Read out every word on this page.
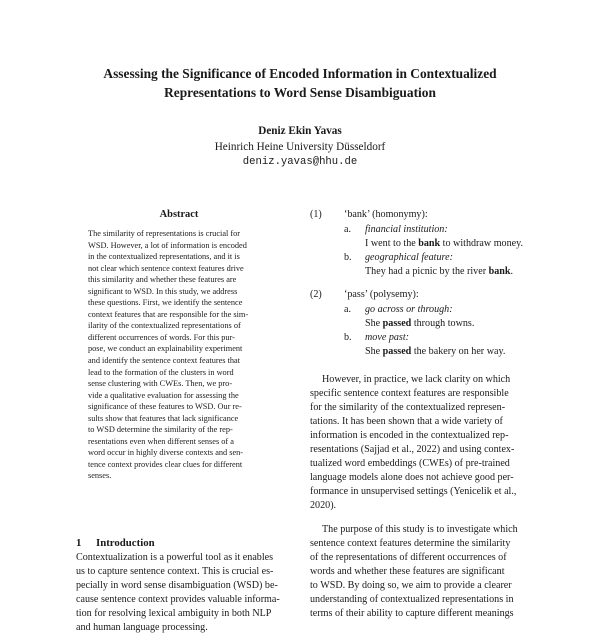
Assessing the Significance of Encoded Information in Contextualized
Representations to Word Sense Disambiguation
Deniz Ekin Yavas
Heinrich Heine University Düsseldorf
deniz.yavas@hhu.de
Abstract
The similarity of representations is crucial for
WSD. However, a lot of information is encoded
in the contextualized representations, and it is
not clear which sentence context features drive
this similarity and whether these features are
significant to WSD. In this study, we address
these questions. First, we identify the sentence
context features that are responsible for the sim-
ilarity of the contextualized representations of
different occurrences of words. For this pur-
pose, we conduct an explainability experiment
and identify the sentence context features that
lead to the formation of the clusters in word
sense clustering with CWEs. Then, we pro-
vide a qualitative evaluation for assessing the
significance of these features to WSD. Our re-
sults show that features that lack significance
to WSD determine the similarity of the rep-
resentations even when different senses of a
word occur in highly diverse contexts and sen-
tence context provides clear clues for different
senses.
1 Introduction
Contextualization is a powerful tool as it enables
us to capture sentence context. This is crucial es-
pecially in word sense disambiguation (WSD) be-
cause sentence context provides valuable informa-
tion for resolving lexical ambiguity in both NLP
and human language processing.
(1) ‘bank’ (homonymy):
a. financial institution:
I went to the bank to withdraw money.
b. geographical feature:
They had a picnic by the river bank.
(2) ‘pass’ (polysemy):
a. go across or through:
She passed through towns.
b. move past:
She passed the bakery on her way.
However, in practice, we lack clarity on which
specific sentence context features are responsible
for the similarity of the contextualized represen-
tations. It has been shown that a wide variety of
information is encoded in the contextualized rep-
resentations (Sajjad et al., 2022) and using contex-
tualized word embeddings (CWEs) of pre-trained
language models alone does not achieve good per-
formance in unsupervised settings (Yenicelik et al.,
2020).
The purpose of this study is to investigate which
sentence context features determine the similarity
of the representations of different occurrences of
words and whether these features are significant
to WSD. By doing so, we aim to provide a clearer
understanding of contextualized representations in
terms of their ability to capture different meanings
